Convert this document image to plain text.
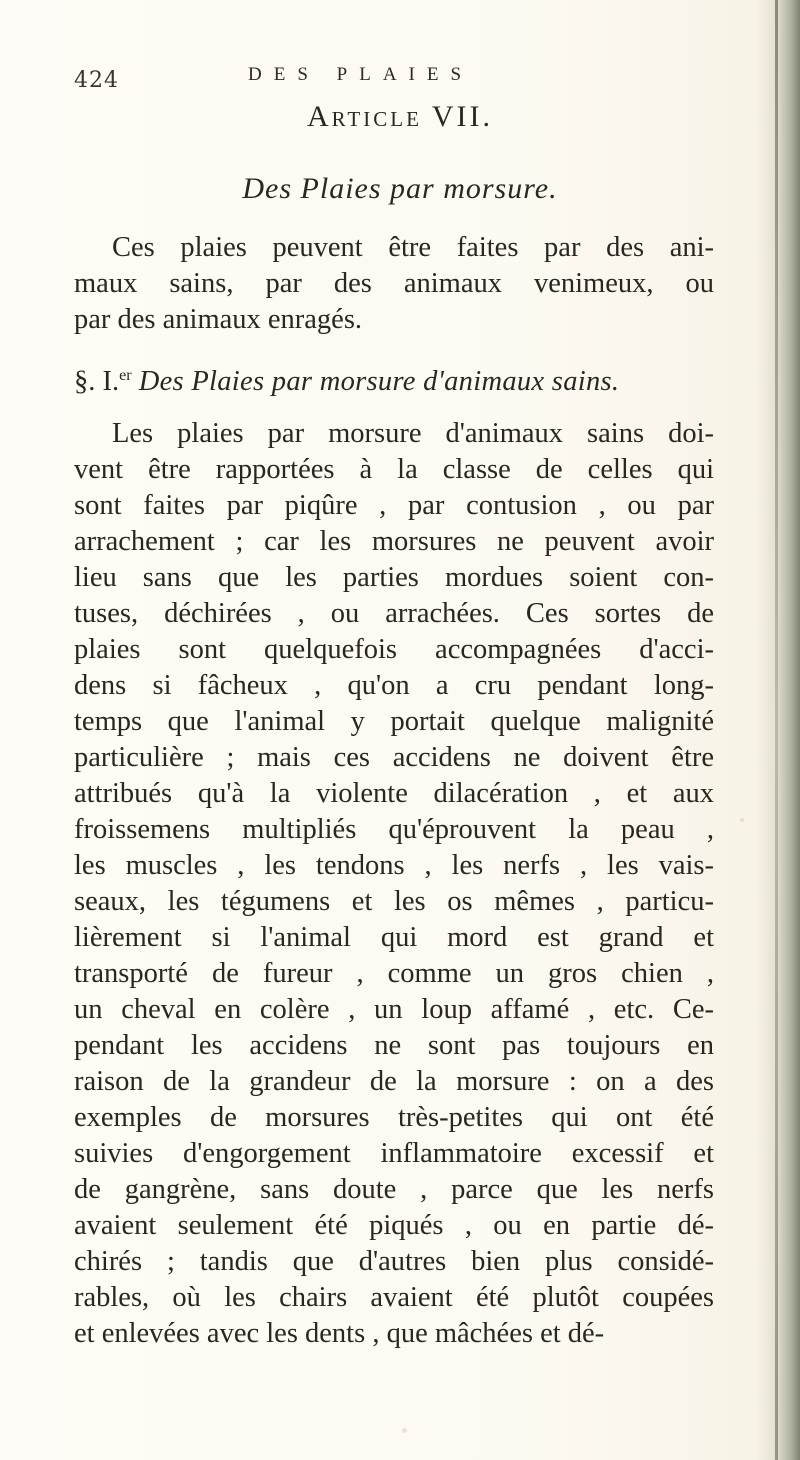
424	DES PLAIES
Article VII.
Des Plaies par morsure.
Ces plaies peuvent être faites par des ani-
maux sains, par des animaux venimeux, ou
par des animaux enragés.
§. I.$^{er}$ Des Plaies par morsure d'animaux sains.
Les plaies par morsure d'animaux sains doi-
vent être rapportées à la classe de celles qui
sont faites par piqûre , par contusion , ou par
arrachement ; car les morsures ne peuvent avoir
lieu sans que les parties mordues soient con-
tuses, déchirées , ou arrachées. Ces sortes de
plaies sont quelquefois accompagnées d'acci-
dens si fâcheux , qu'on a cru pendant long-
temps que l'animal y portait quelque malignité
particulière ; mais ces accidens ne doivent être
attribués qu'à la violente dilacération , et aux
froissemens multipliés qu'éprouvent la peau ,
les muscles , les tendons , les nerfs , les vais-
seaux, les tégumens et les os mêmes , particu-
lièrement si l'animal qui mord est grand et
transporté de fureur , comme un gros chien ,
un cheval en colère , un loup affamé , etc. Ce-
pendant les accidens ne sont pas toujours en
raison de la grandeur de la morsure : on a des
exemples de morsures très-petites qui ont été
suivies d'engorgement inflammatoire excessif et
de gangrène, sans doute , parce que les nerfs
avaient seulement été piqués , ou en partie dé-
chirés ; tandis que d'autres bien plus considé-
rables, où les chairs avaient été plutôt coupées
et enlevées avec les dents , que mâchées et dé-
